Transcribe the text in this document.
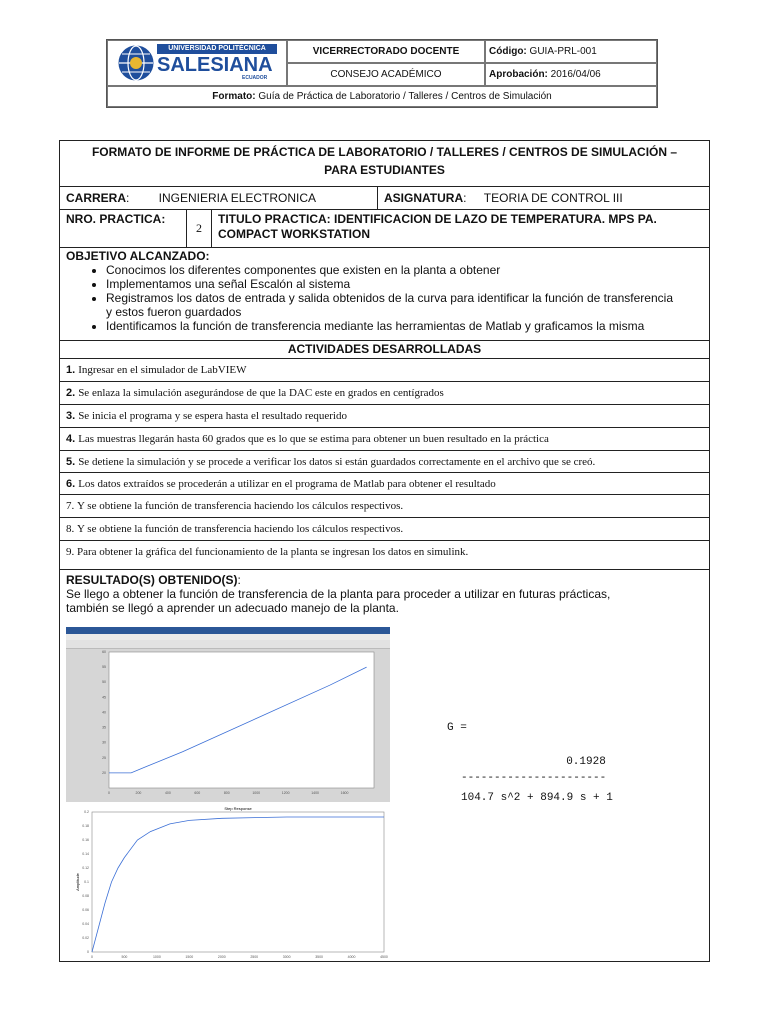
UNIVERSIDAD POLITÉCNICA
SALESIANA
ECUADOR
VICERRECTORADO DOCENTE
CONSEJO ACADÉMICO
Código:
GUIA-PRL-001
Aprobación:
2016/04/06
Formato:
Guía de Práctica de Laboratorio / Talleres / Centros de Simulación
FORMATO DE INFORME DE PRÁCTICA DE LABORATORIO / TALLERES / CENTROS DE SIMULACIÓN –
PARA ESTUDIANTES
CARRERA: INGENIERIA ELECTRONICA	ASIGNATURA: TEORIA DE CONTROL III
NRO. PRACTICA:
2
TITULO PRACTICA: IDENTIFICACION DE LAZO DE TEMPERATURA. MPS PA.
COMPACT WORKSTATION
OBJETIVO ALCANZADO:
• Conocimos los diferentes componentes que existen en la planta a obtener
• Implementamos una señal Escalón al sistema
• Registramos los datos de entrada y salida obtenidos de la curva para identificar la función de transferencia
y estos fueron guardados
• Identificamos la función de transferencia mediante las herramientas de Matlab y graficamos la misma
ACTIVIDADES DESARROLLADAS
1. Ingresar en el simulador de LabVIEW
2. Se enlaza la simulación asegurándose de que la DAC este en grados en centígrados
3. Se inicia el programa y se espera hasta el resultado requerido
4. Las muestras llegarán hasta 60 grados que es lo que se estima para obtener un buen resultado en la práctica
5. Se detiene la simulación y se procede a verificar los datos si están guardados correctamente en el archivo que se creó.
6. Los datos extraídos se procederán a utilizar en el programa de Matlab para obtener el resultado
7.
Y se obtiene la función de transferencia haciendo los cálculos respectivos.
8.
Y se obtiene la función de transferencia haciendo los cálculos respectivos.
9.
Para obtener la gráfica del funcionamiento de la planta se ingresan los datos en simulink.
RESULTADO(S) OBTENIDO(S):
Se llego a obtener la función de transferencia de la planta para proceder a utilizar en futuras prácticas,
también se llegó a aprender un adecuado manejo de la planta.
0	200	400	600	800	1000	1200	1400	1600
20
25
30
35
40
45
50
55
60
Step Response
Amplitude
0	500	1000	1500	2000	2500	3000	3500	4000	4500
0
0.02
0.04
0.06
0.08
0.1
0.12
0.14
0.16
0.18
0.2
G =
0.1928
----------------------
104.7 s^2 + 894.9 s + 1
